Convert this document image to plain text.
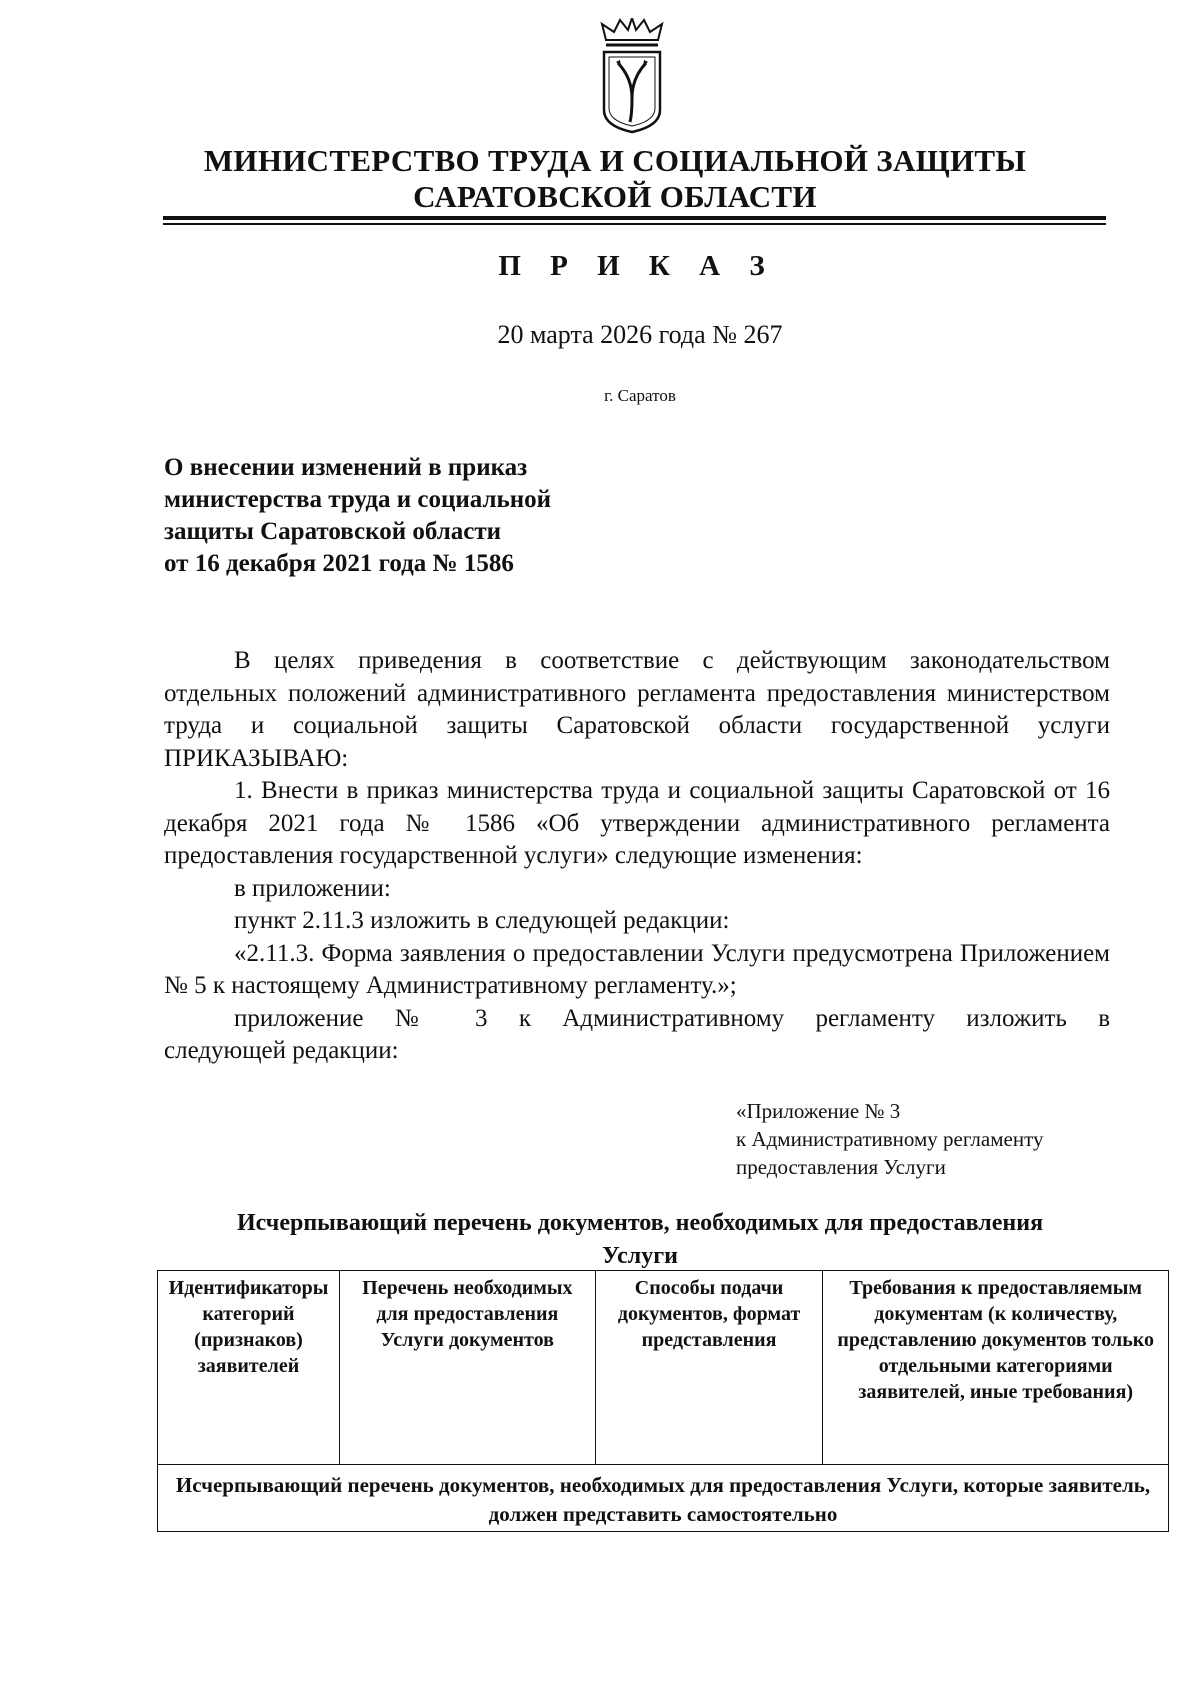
МИНИСТЕРСТВО ТРУДА И СОЦИАЛЬНОЙ ЗАЩИТЫ
САРАТОВСКОЙ ОБЛАСТИ
П Р И К А З
20 марта 2026 года № 267
г. Саратов
О внесении изменений в приказ
министерства труда и социальной
защиты Саратовской области
от 16 декабря 2021 года № 1586

В целях приведения в соответствие с действующим законодательством отдельных положений административного регламента предоставления министерством труда и социальной защиты Саратовской области государственной услуги ПРИКАЗЫВАЮ:

1. Внести в приказ министерства труда и социальной защиты Саратовской от 16 декабря 2021 года № 1586 «Об утверждении административного регламента предоставления государственной услуги» следующие изменения:

в приложении:

пункт 2.11.3 изложить в следующей редакции:

«2.11.3. Форма заявления о предоставлении Услуги предусмотрена Приложением № 5 к настоящему Административному регламенту.»;

приложение № 3 к Административному регламенту изложить в

следующей редакции:

«Приложение № 3
к Административному регламенту
предоставления Услуги
Исчерпывающий перечень документов, необходимых для предоставления Услуги
Идентификаторы категорий (признаков) заявителей	Перечень необходимых для предоставления Услуги документов	Способы подачи документов, формат представления	Требования к предоставляемым документам (к количеству, представлению документов только отдельными категориями заявителей, иные требования)
Исчерпывающий перечень документов, необходимых для предоставления Услуги, которые заявитель, должен представить самостоятельно
